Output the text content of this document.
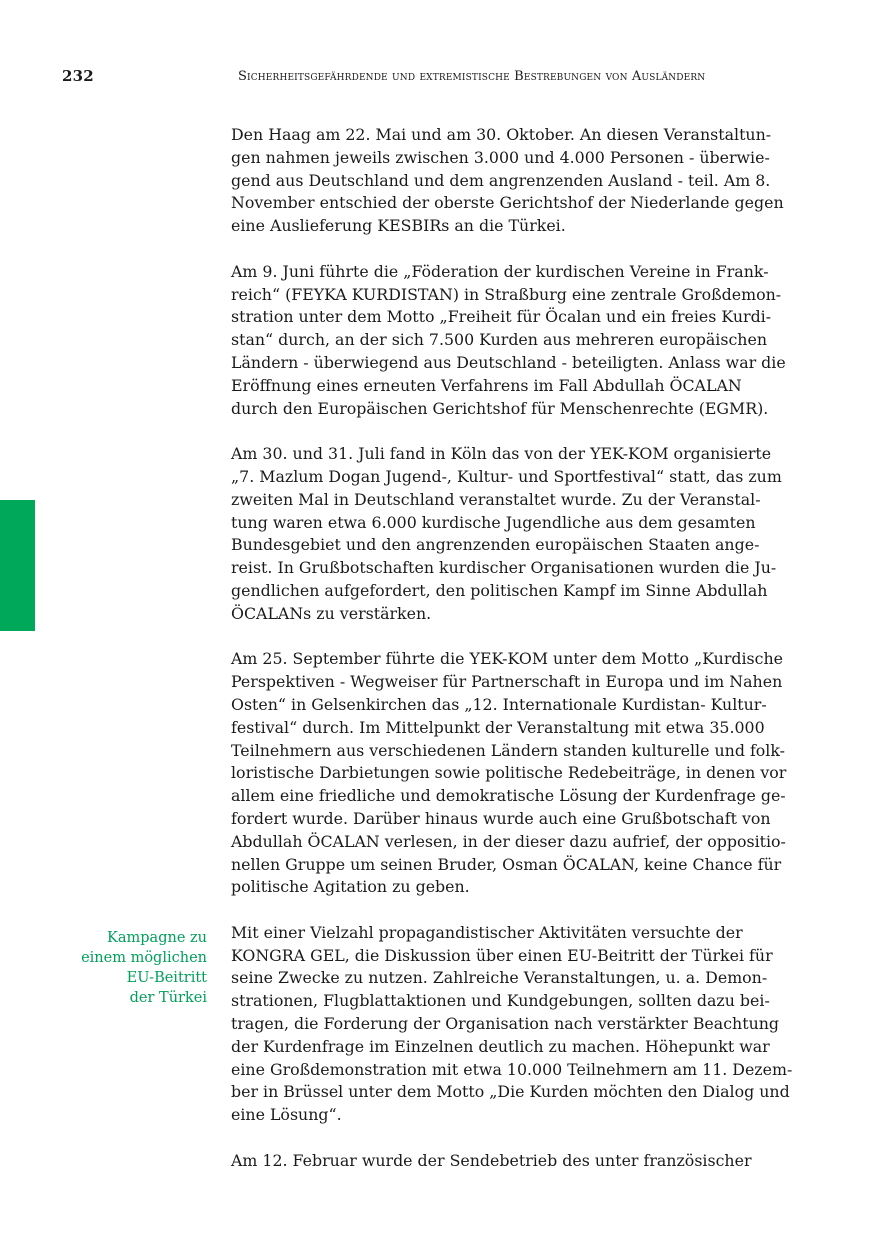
232	Sicherheitsgefährdende und extremistische Bestrebungen von Ausländern
Kampagne zu
einem möglichen
EU-Beitritt
der Türkei

Den Haag am 22. Mai und am 30. Oktober. An diesen Veranstaltun-
gen nahmen jeweils zwischen 3.000 und 4.000 Personen - überwie-
gend aus Deutschland und dem angrenzenden Ausland - teil. Am 8.
November entschied der oberste Gerichtshof der Niederlande gegen
eine Auslieferung KESBIRs an die Türkei.

Am 9. Juni führte die „Föderation der kurdischen Vereine in Frank-
reich“ (FEYKA KURDISTAN) in Straßburg eine zentrale Großdemon-
stration unter dem Motto „Freiheit für Öcalan und ein freies Kurdi-
stan“ durch, an der sich 7.500 Kurden aus mehreren europäischen
Ländern - überwiegend aus Deutschland - beteiligten. Anlass war die
Eröffnung eines erneuten Verfahrens im Fall Abdullah ÖCALAN
durch den Europäischen Gerichtshof für Menschenrechte (EGMR).

Am 30. und 31. Juli fand in Köln das von der YEK-KOM organisierte
„7. Mazlum Dogan Jugend-, Kultur- und Sportfestival“ statt, das zum
zweiten Mal in Deutschland veranstaltet wurde. Zu der Veranstal-
tung waren etwa 6.000 kurdische Jugendliche aus dem gesamten
Bundesgebiet und den angrenzenden europäischen Staaten ange-
reist. In Grußbotschaften kurdischer Organisationen wurden die Ju-
gendlichen aufgefordert, den politischen Kampf im Sinne Abdullah
ÖCALANs zu verstärken.

Am 25. September führte die YEK-KOM unter dem Motto „Kurdische
Perspektiven - Wegweiser für Partnerschaft in Europa und im Nahen
Osten“ in Gelsenkirchen das „12. Internationale Kurdistan- Kultur-
festival“ durch. Im Mittelpunkt der Veranstaltung mit etwa 35.000
Teilnehmern aus verschiedenen Ländern standen kulturelle und folk-
loristische Darbietungen sowie politische Redebeiträge, in denen vor
allem eine friedliche und demokratische Lösung der Kurdenfrage ge-
fordert wurde. Darüber hinaus wurde auch eine Grußbotschaft von
Abdullah ÖCALAN verlesen, in der dieser dazu aufrief, der oppositio-
nellen Gruppe um seinen Bruder, Osman ÖCALAN, keine Chance für
politische Agitation zu geben.

Mit einer Vielzahl propagandistischer Aktivitäten versuchte der
KONGRA GEL, die Diskussion über einen EU-Beitritt der Türkei für
seine Zwecke zu nutzen. Zahlreiche Veranstaltungen, u. a. Demon-
strationen, Flugblattaktionen und Kundgebungen, sollten dazu bei-
tragen, die Forderung der Organisation nach verstärkter Beachtung
der Kurdenfrage im Einzelnen deutlich zu machen. Höhepunkt war
eine Großdemonstration mit etwa 10.000 Teilnehmern am 11. Dezem-
ber in Brüssel unter dem Motto „Die Kurden möchten den Dialog und
eine Lösung“.

Am 12. Februar wurde der Sendebetrieb des unter französischer
